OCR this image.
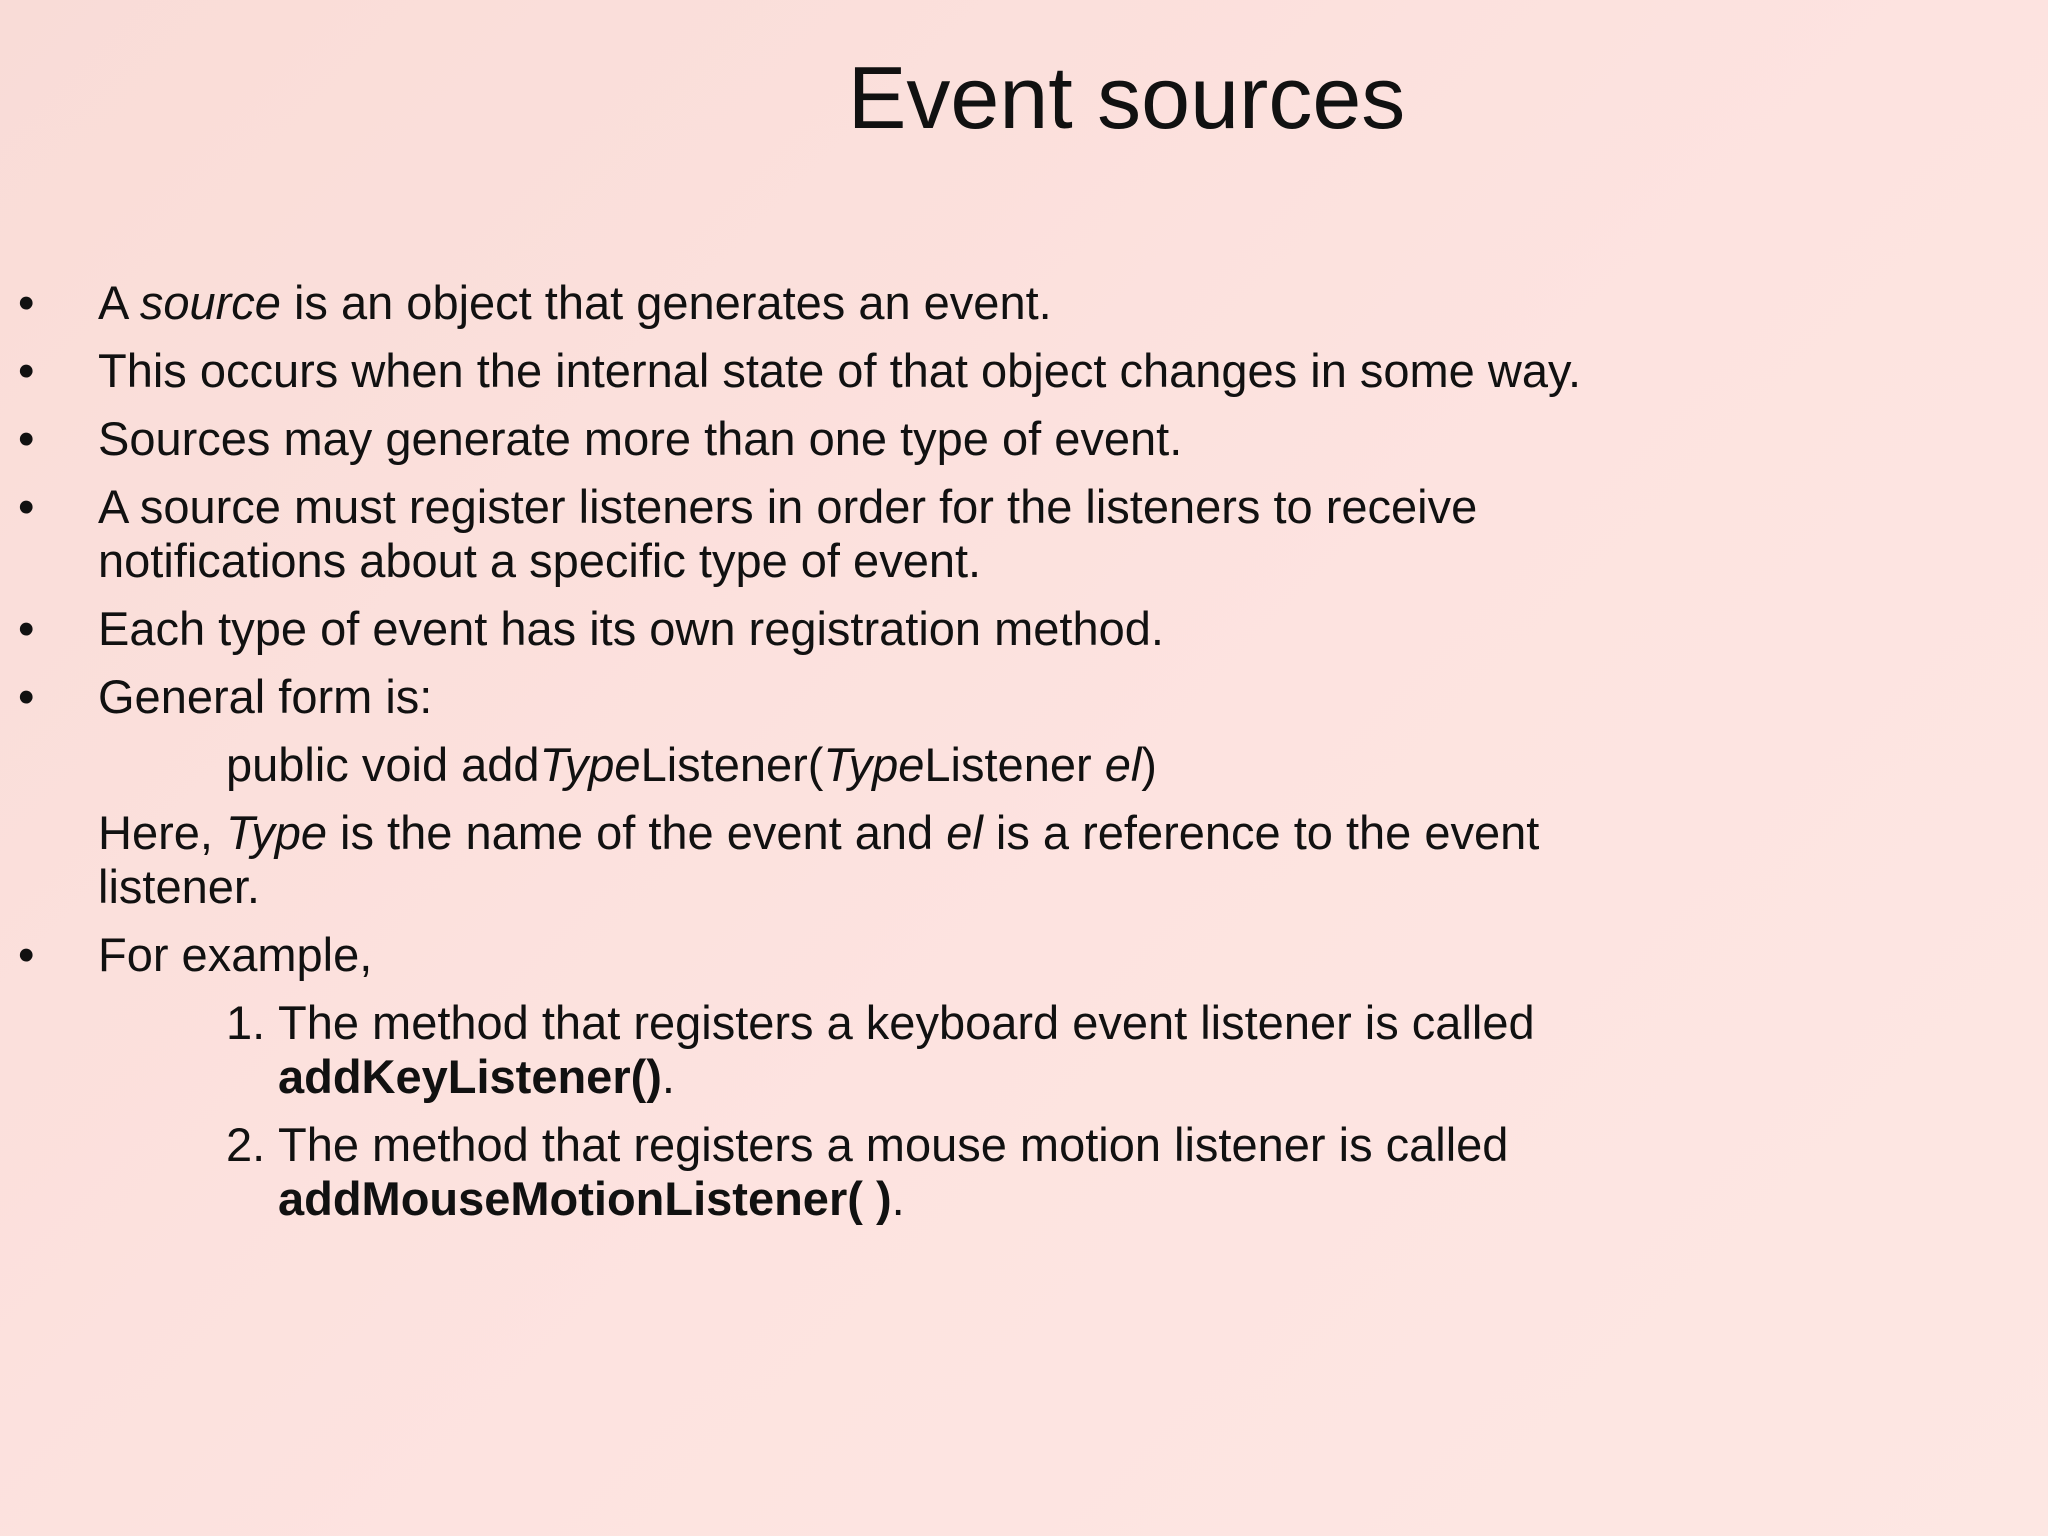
Event sources
• A source is an object that generates an event.
• This occurs when the internal state of that object changes in some way.
• Sources may generate more than one type of event.
• A source must register listeners in order for the listeners to receive
notifications about a specific type of event.
• Each type of event has its own registration method.
• General form is:
public void addTypeListener(TypeListener el)
Here, Type is the name of the event and el is a reference to the event
listener.
• For example,
1. The method that registers a keyboard event listener is called
addKeyListener().
2. The method that registers a mouse motion listener is called
addMouseMotionListener( ).
